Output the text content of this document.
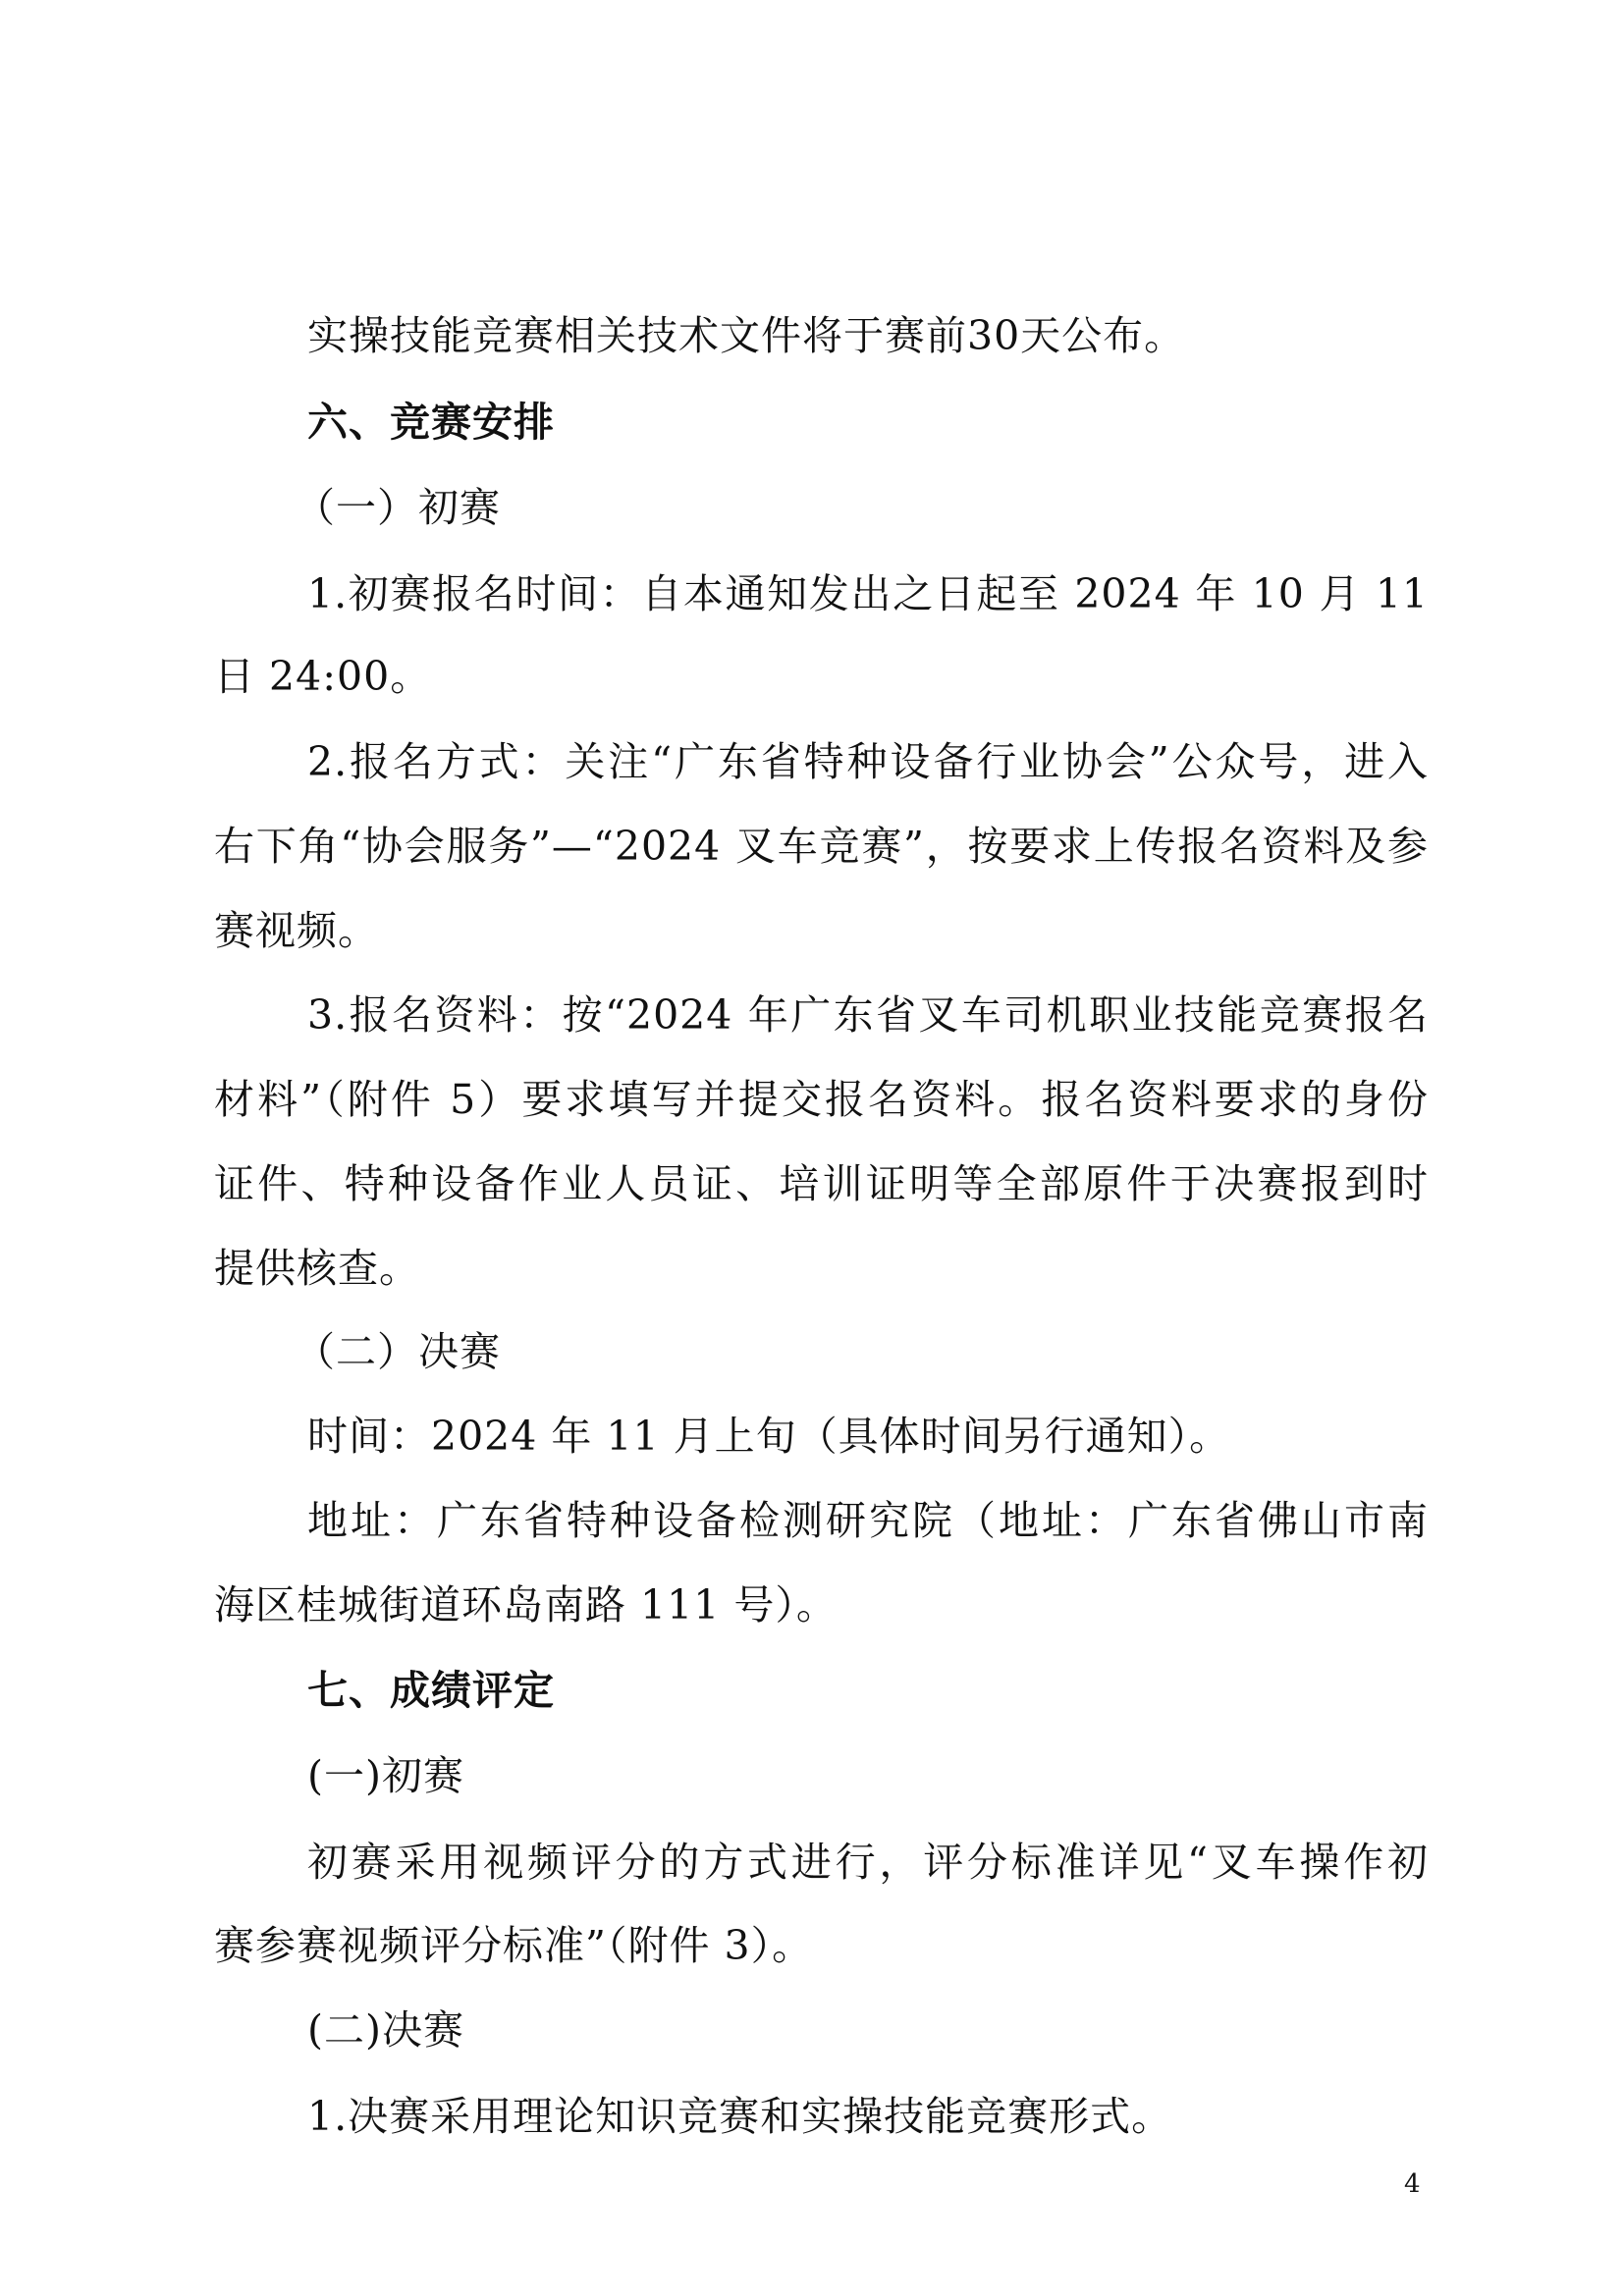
实操技能竞赛相关技术文件将于赛前30天公布。
六、竞赛安排
（一）初赛
1.初赛报名时间：自本通知发出之日起至 2024 年 10 月 11
日 24:00。
2.报名方式：关注“广东省特种设备行业协会”公众号，进入
右下角“协会服务”—“2024 叉车竞赛”，按要求上传报名资料及参
赛视频。
3.报名资料：按“2024 年广东省叉车司机职业技能竞赛报名
材料”（附件 5）要求填写并提交报名资料。报名资料要求的身份
证件、特种设备作业人员证、培训证明等全部原件于决赛报到时
提供核查。
（二）决赛
时间：2024 年 11 月上旬（具体时间另行通知）。
地址：广东省特种设备检测研究院（地址：广东省佛山市南
海区桂城街道环岛南路 111 号）。
七、成绩评定
(一)初赛
初赛采用视频评分的方式进行，评分标准详见“叉车操作初
赛参赛视频评分标准”（附件 3）。
(二)决赛
1.决赛采用理论知识竞赛和实操技能竞赛形式。
4
